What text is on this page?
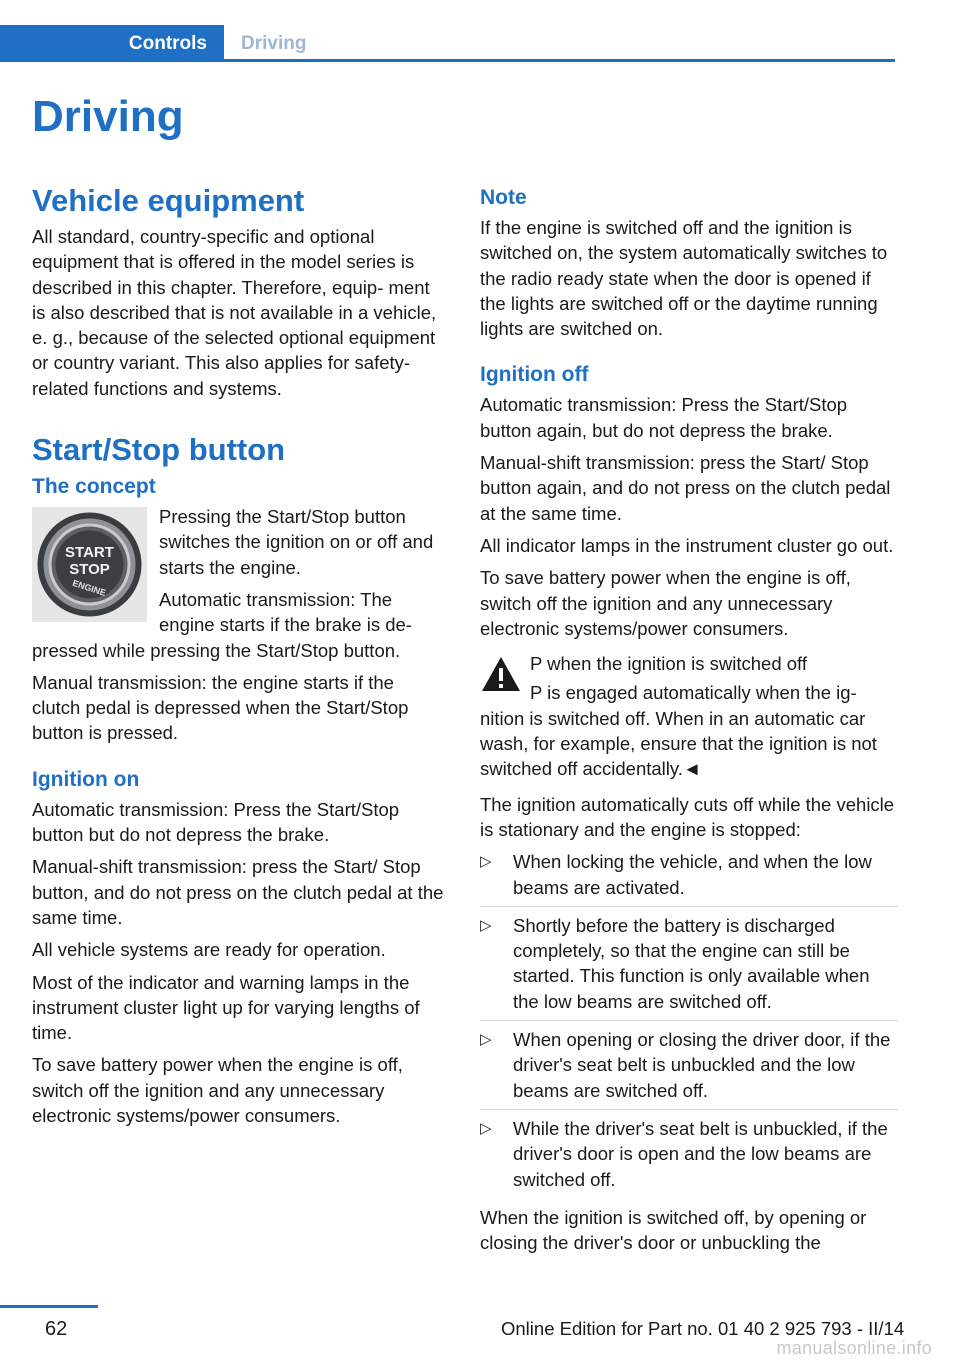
Controls	Driving
Driving
Vehicle equipment

All standard, country-specific and optional equipment that is offered in the model series is described in this chapter. Therefore, equip- ment is also described that is not available in a vehicle, e. g., because of the selected optional equipment or country variant. This also applies for safety-related functions and systems.

Start/Stop button
The concept
START
STOP
ENGINE

Pressing the Start/Stop button switches the ignition on or off and starts the engine.

Automatic transmission: The engine starts if the brake is de- pressed while pressing the Start/Stop button.

Manual transmission: the engine starts if the clutch pedal is depressed when the Start/Stop button is pressed.

Ignition on

Automatic transmission: Press the Start/Stop button but do not depress the brake.

Manual-shift transmission: press the Start/ Stop button, and do not press on the clutch pedal at the same time.

All vehicle systems are ready for operation.

Most of the indicator and warning lamps in the instrument cluster light up for varying lengths of time.

To save battery power when the engine is off, switch off the ignition and any unnecessary electronic systems/power consumers.

Note

If the engine is switched off and the ignition is switched on, the system automatically switches to the radio ready state when the door is opened if the lights are switched off or the daytime running lights are switched on.

Ignition off

Automatic transmission: Press the Start/Stop button again, but do not depress the brake.

Manual-shift transmission: press the Start/ Stop button again, and do not press on the clutch pedal at the same time.

All indicator lamps in the instrument cluster go out.

To save battery power when the engine is off, switch off the ignition and any unnecessary electronic systems/power consumers.

P when the ignition is switched off

P is engaged automatically when the ig- nition is switched off. When in an automatic car wash, for example, ensure that the ignition is not switched off accidentally.◄

The ignition automatically cuts off while the vehicle is stationary and the engine is stopped:

▷ When locking the vehicle, and when the low beams are activated.
▷ Shortly before the battery is discharged completely, so that the engine can still be started. This function is only available when the low beams are switched off.
▷ When opening or closing the driver door, if the driver's seat belt is unbuckled and the low beams are switched off.
▷ While the driver's seat belt is unbuckled, if the driver's door is open and the low beams are switched off.

When the ignition is switched off, by opening or closing the driver's door or unbuckling the

62	Online Edition for Part no. 01 40 2 925 793 - II/14
manualsonline.info
